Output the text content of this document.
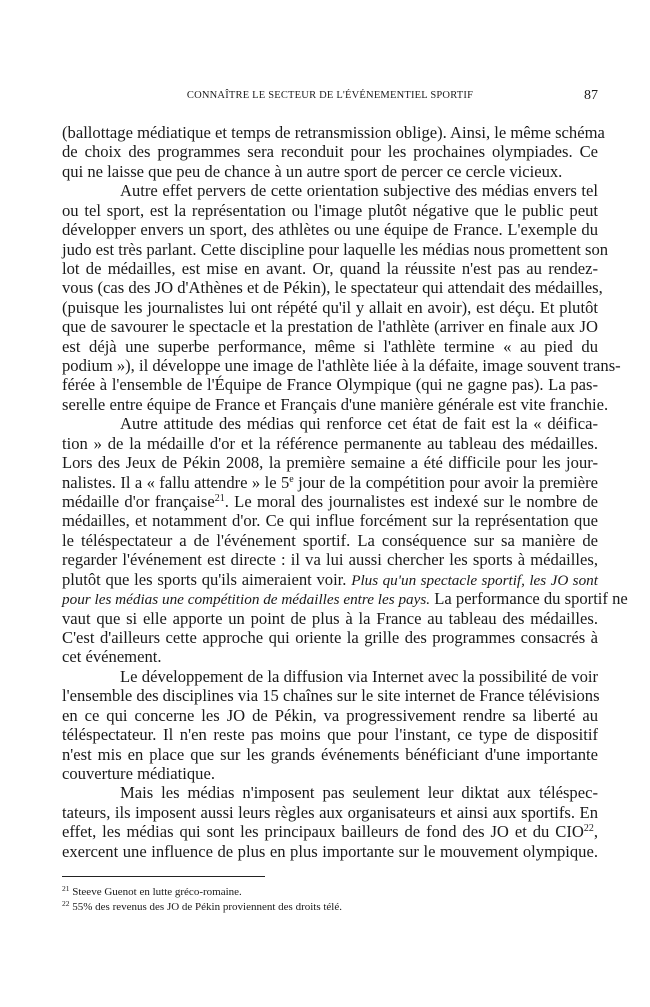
CONNAÎTRE LE SECTEUR DE L'ÉVÉNEMENTIEL SPORTIF	87
(ballottage médiatique et temps de retransmission oblige). Ainsi, le même schéma
de choix des programmes sera reconduit pour les prochaines olympiades. Ce
qui ne laisse que peu de chance à un autre sport de percer ce cercle vicieux.
Autre effet pervers de cette orientation subjective des médias envers tel
ou tel sport, est la représentation ou l'image plutôt négative que le public peut
développer envers un sport, des athlètes ou une équipe de France. L'exemple du
judo est très parlant. Cette discipline pour laquelle les médias nous promettent son
lot de médailles, est mise en avant. Or, quand la réussite n'est pas au rendez-
vous (cas des JO d'Athènes et de Pékin), le spectateur qui attendait des médailles,
(puisque les journalistes lui ont répété qu'il y allait en avoir), est déçu. Et plutôt
que de savourer le spectacle et la prestation de l'athlète (arriver en finale aux JO
est déjà une superbe performance, même si l'athlète termine « au pied du
podium »), il développe une image de l'athlète liée à la défaite, image souvent trans-
férée à l'ensemble de l'Équipe de France Olympique (qui ne gagne pas). La pas-
serelle entre équipe de France et Français d'une manière générale est vite franchie.
Autre attitude des médias qui renforce cet état de fait est la « déifica-
tion » de la médaille d'or et la référence permanente au tableau des médailles.
Lors des Jeux de Pékin 2008, la première semaine a été difficile pour les jour-
nalistes. Il a « fallu attendre » le 5e jour de la compétition pour avoir la première
médaille d'or française$^{21}$. Le moral des journalistes est indexé sur le nombre de
médailles, et notamment d'or. Ce qui influe forcément sur la représentation que
le téléspectateur a de l'événement sportif. La conséquence sur sa manière de
regarder l'événement est directe : il va lui aussi chercher les sports à médailles,
plutôt que les sports qu'ils aimeraient voir. Plus qu'un spectacle sportif, les JO sont
pour les médias une compétition de médailles entre les pays. La performance du sportif ne
vaut que si elle apporte un point de plus à la France au tableau des médailles.
C'est d'ailleurs cette approche qui oriente la grille des programmes consacrés à
cet événement.
Le développement de la diffusion via Internet avec la possibilité de voir
l'ensemble des disciplines via 15 chaînes sur le site internet de France télévisions
en ce qui concerne les JO de Pékin, va progressivement rendre sa liberté au
téléspectateur. Il n'en reste pas moins que pour l'instant, ce type de dispositif
n'est mis en place que sur les grands événements bénéficiant d'une importante
couverture médiatique.
Mais les médias n'imposent pas seulement leur diktat aux téléspec-
tateurs, ils imposent aussi leurs règles aux organisateurs et ainsi aux sportifs. En
effet, les médias qui sont les principaux bailleurs de fond des JO et du CIO$^{22}$,
exercent une influence de plus en plus importante sur le mouvement olympique.
$^{21}$ Steeve Guenot en lutte gréco-romaine.
$^{22}$ 55% des revenus des JO de Pékin proviennent des droits télé.
